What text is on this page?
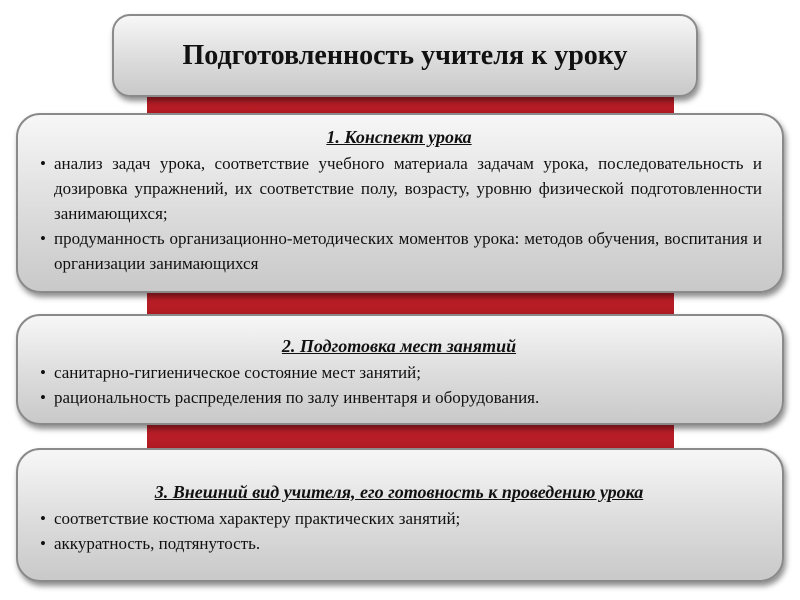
Подготовленность учителя к уроку
1. Конспект урока
• анализ задач урока, соответствие учебного материала задачам урока, последовательность и дозировка упражнений, их соответствие полу, возрасту, уровню физической подготовленности занимающихся;
• продуманность организационно-методических моментов урока: методов обучения, воспитания и организации занимающихся
2. Подготовка мест занятий
• санитарно-гигиеническое состояние мест занятий;
• рациональность распределения по залу инвентаря и оборудования.
3. Внешний вид учителя, его готовность к проведению урока
• соответствие костюма характеру практических занятий;
• аккуратность, подтянутость.
